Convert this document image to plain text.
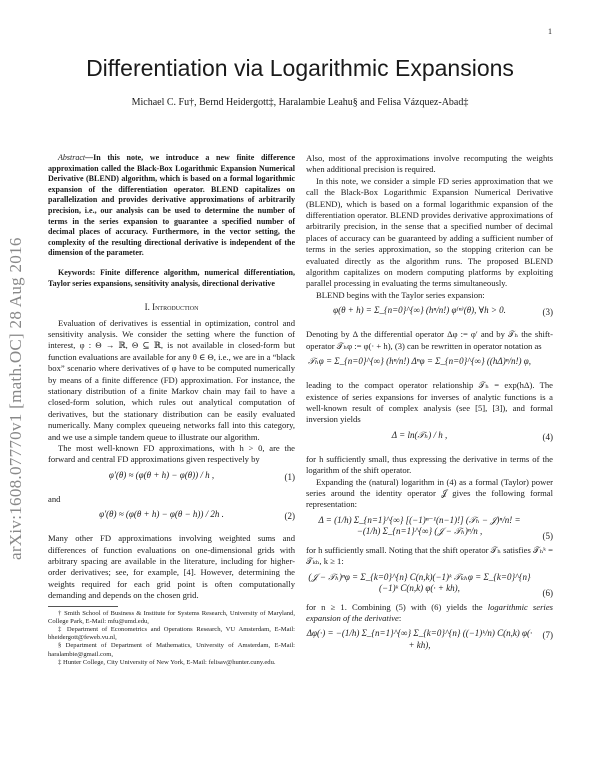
1
arXiv:1608.07770v1 [math.OC] 28 Aug 2016
Differentiation via Logarithmic Expansions
Michael C. Fu†, Bernd Heidergott‡, Haralambie Leahu§ and Felisa Vázquez-Abad‡

Abstract—In this note, we introduce a new finite difference approximation called the Black-Box Logarithmic Expansion Numerical Derivative (BLEND) algorithm, which is based on a formal logarithmic expansion of the differentiation operator. BLEND capitalizes on parallelization and provides derivative approximations of arbitrarily precision, i.e., our analysis can be used to determine the number of terms in the series expansion to guarantee a specified number of decimal places of accuracy. Furthermore, in the vector setting, the complexity of the resulting directional derivative is independent of the dimension of the parameter.

Keywords: Finite difference algorithm, numerical differentiation, Taylor series expansions, sensitivity analysis, directional derivative

I. Introduction

Evaluation of derivatives is essential in optimization, control and sensitivity analysis. We consider the setting where the function of interest, φ : Θ → ℝ, Θ ⊆ ℝ, is not available in closed-form but function evaluations are available for any θ ∈ Θ, i.e., we are in a “black box” scenario where derivatives of φ have to be computed numerically by means of a finite difference (FD) approximation. For instance, the stationary distribution of a finite Markov chain may fail to have a closed-form solution, which rules out analytical computation of derivatives, but the stationary distribution can be easily evaluated numerically. Many complex queueing networks fall into this category, and we use a simple tandem queue to illustrate our algorithm.

The most well-known FD approximations, with h > 0, are the forward and central FD approximations given respectively by

φ′(θ) ≈ (φ(θ + h) − φ(θ)) / h ,	(1)

and

φ′(θ) ≈ (φ(θ + h) − φ(θ − h)) / 2h .	(2)

Many other FD approximations involving weighted sums and differences of function evaluations on one-dimensional grids with arbitrary spacing are available in the literature, including for higher-order derivatives; see, for example, [4]. However, determining the weights required for each grid point is often computationally demanding and depends on the chosen grid.

† Smith School of Business & Institute for Systems Research, University of Maryland, College Park, E-Mail: mfu@umd.edu,

‡ Department of Econometrics and Operations Research, VU Amsterdam, E-Mail: bheidergott@feweb.vu.nl,

§ Department of Department of Mathematics, University of Amsterdam, E-Mail: haralambie@gmail.com,

‡ Hunter College, City University of New York, E-Mail: felisav@hunter.cuny.edu.

Also, most of the approximations involve recomputing the weights when additional precision is required.

In this note, we consider a simple FD series approximation that we call the Black-Box Logarithmic Expansion Numerical Derivative (BLEND), which is based on a formal logarithmic expansion of the differentiation operator. BLEND provides derivative approximations of arbitrarily precision, in the sense that a specified number of decimal places of accuracy can be guaranteed by adding a sufficient number of terms in the series approximation, so the stopping criterion can be evaluated directly as the algorithm runs. The proposed BLEND algorithm capitalizes on modern computing platforms by exploiting parallel processing in evaluating the terms simultaneously.

BLEND begins with the Taylor series expansion:

φ(θ + h) = Σ_{n=0}^{∞} (hⁿ/n!) φ⁽ⁿ⁾(θ), ∀h > 0.	(3)

Denoting by Δ the differential operator Δφ := φ′ and by 𝒯ₕ the shift-operator 𝒯ₕφ := φ(· + h), (3) can be rewritten in operator notation as

𝒯ₕφ = Σ_{n=0}^{∞} (hⁿ/n!) Δⁿφ = Σ_{n=0}^{∞} ((hΔ)ⁿ/n!) φ,

leading to the compact operator relationship 𝒯ₕ = exp(hΔ). The existence of series expansions for inverses of analytic functions is a well-known result of complex analysis (see [5], [3]), and formal inversion yields

Δ = ln(𝒯ₕ) / h ,	(4)

for h sufficiently small, thus expressing the derivative in terms of the logarithm of the shift operator.

Expanding the (natural) logarithm in (4) as a formal (Taylor) power series around the identity operator 𝒥 gives the following formal representation:

Δ = (1/h) Σ_{n=1}^{∞} [(−1)ⁿ⁻¹(n−1)!] (𝒯ₕ − 𝒥)ⁿ/n! = −(1/h) Σ_{n=1}^{∞} (𝒥 − 𝒯ₕ)ⁿ/n ,	(5)

for h sufficiently small. Noting that the shift operator 𝒯ₕ satisfies 𝒯ₕᵏ = 𝒯ₖₕ, k ≥ 1:

(𝒥 − 𝒯ₕ)ⁿφ = Σ_{k=0}^{n} C(n,k)(−1)ᵏ 𝒯ₖₕφ = Σ_{k=0}^{n} (−1)ᵏ C(n,k) φ(· + kh),	(6)

for n ≥ 1. Combining (5) with (6) yields the logarithmic series expansion of the derivative:

Δφ(·) = −(1/h) Σ_{n=1}^{∞} Σ_{k=0}^{n} ((−1)ᵏ/n) C(n,k) φ(· + kh),
(7)
